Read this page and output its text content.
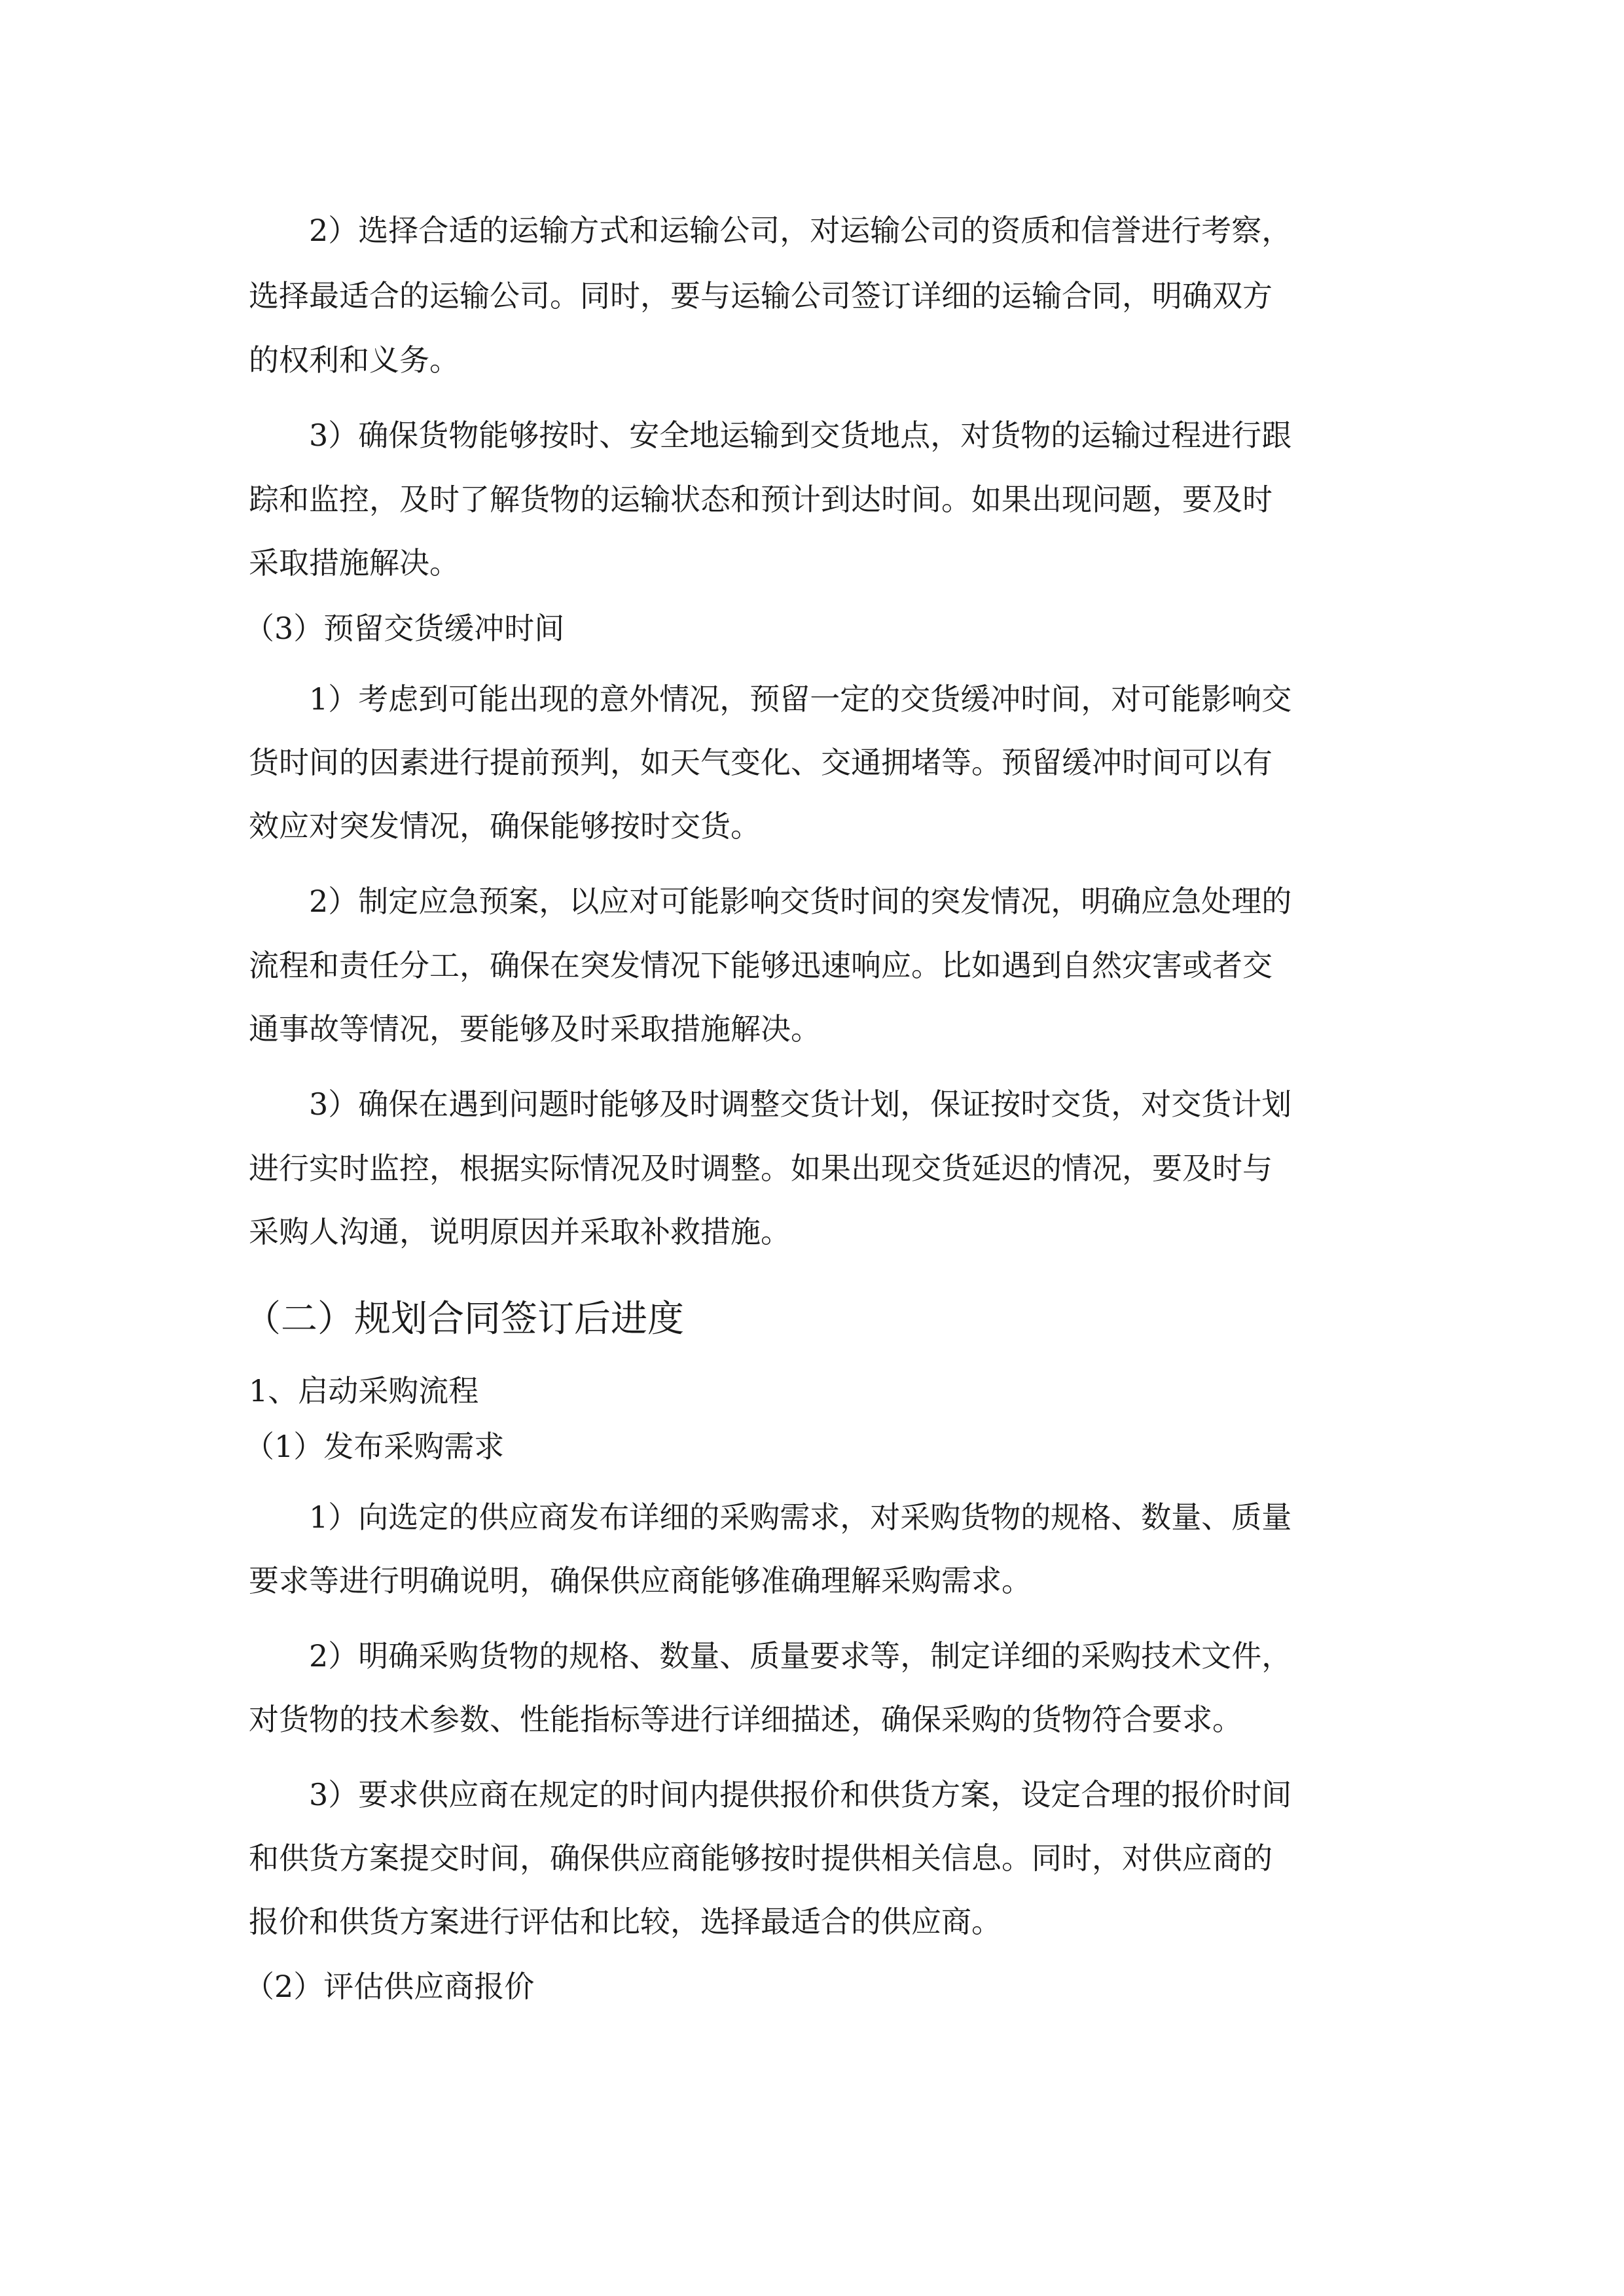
　　2）选择合适的运输方式和运输公司，对运输公司的资质和信誉进行考察，
选择最适合的运输公司。同时，要与运输公司签订详细的运输合同，明确双方
的权利和义务。
　　3）确保货物能够按时、安全地运输到交货地点，对货物的运输过程进行跟
踪和监控，及时了解货物的运输状态和预计到达时间。如果出现问题，要及时
采取措施解决。
（3）预留交货缓冲时间
　　1）考虑到可能出现的意外情况，预留一定的交货缓冲时间，对可能影响交
货时间的因素进行提前预判，如天气变化、交通拥堵等。预留缓冲时间可以有
效应对突发情况，确保能够按时交货。
　　2）制定应急预案，以应对可能影响交货时间的突发情况，明确应急处理的
流程和责任分工，确保在突发情况下能够迅速响应。比如遇到自然灾害或者交
通事故等情况，要能够及时采取措施解决。
　　3）确保在遇到问题时能够及时调整交货计划，保证按时交货，对交货计划
进行实时监控，根据实际情况及时调整。如果出现交货延迟的情况，要及时与
采购人沟通，说明原因并采取补救措施。
（二）规划合同签订后进度
1、启动采购流程
（1）发布采购需求
　　1）向选定的供应商发布详细的采购需求，对采购货物的规格、数量、质量
要求等进行明确说明，确保供应商能够准确理解采购需求。
　　2）明确采购货物的规格、数量、质量要求等，制定详细的采购技术文件，
对货物的技术参数、性能指标等进行详细描述，确保采购的货物符合要求。
　　3）要求供应商在规定的时间内提供报价和供货方案，设定合理的报价时间
和供货方案提交时间，确保供应商能够按时提供相关信息。同时，对供应商的
报价和供货方案进行评估和比较，选择最适合的供应商。
（2）评估供应商报价
